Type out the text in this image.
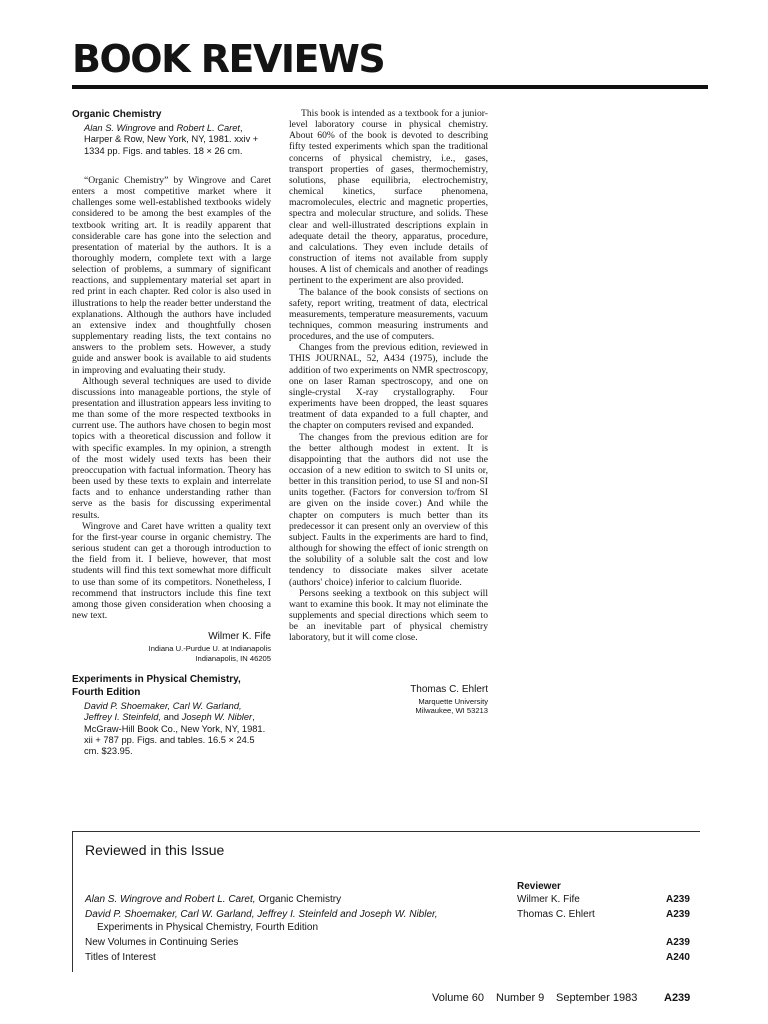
BOOK REVIEWS

Organic Chemistry

Alan S. Wingrove and Robert L. Caret, Harper & Row, New York, NY, 1981. xxiv + 1334 pp. Figs. and tables. 18 × 26 cm.

“Organic Chemistry” by Wingrove and Caret enters a most competitive market where it challenges some well-established textbooks widely considered to be among the best examples of the textbook writing art. It is readily apparent that considerable care has gone into the selection and presentation of material by the authors. It is a thoroughly modern, complete text with a large selection of problems, a summary of significant reactions, and supplementary material set apart in red print in each chapter. Red color is also used in illustrations to help the reader better understand the explanations. Although the authors have included an extensive index and thoughtfully chosen supplementary reading lists, the text contains no answers to the problem sets. However, a study guide and answer book is available to aid students in improving and evaluating their study.

Although several techniques are used to divide discussions into manageable portions, the style of presentation and illustration appears less inviting to me than some of the more respected textbooks in current use. The authors have chosen to begin most topics with a theoretical discussion and follow it with specific examples. In my opinion, a strength of the most widely used texts has been their preoccupation with factual information. Theory has been used by these texts to explain and interrelate facts and to enhance understanding rather than serve as the basis for discussing experimental results.

Wingrove and Caret have written a quality text for the first-year course in organic chemistry. The serious student can get a thorough introduction to the field from it. I believe, however, that most students will find this text somewhat more difficult to use than some of its competitors. Nonetheless, I recommend that instructors include this fine text among those given consideration when choosing a new text.

Wilmer K. Fife

Indiana U.-Purdue U. at Indianapolis

Indianapolis, IN 46205

Experiments in Physical Chemistry, Fourth Edition

David P. Shoemaker, Carl W. Garland, Jeffrey I. Steinfeld, and Joseph W. Nibler, McGraw-Hill Book Co., New York, NY, 1981. xii + 787 pp. Figs. and tables. 16.5 × 24.5 cm. $23.95.

This book is intended as a textbook for a junior-level laboratory course in physical chemistry. About 60% of the book is devoted to describing fifty tested experiments which span the traditional concerns of physical chemistry, i.e., gases, transport properties of gases, thermochemistry, solutions, phase equilibria, electrochemistry, chemical kinetics, surface phenomena, macromolecules, electric and magnetic properties, spectra and molecular structure, and solids. These clear and well-illustrated descriptions explain in adequate detail the theory, apparatus, procedure, and calculations. They even include details of construction of items not available from supply houses. A list of chemicals and another of readings pertinent to the experiment are also provided.

The balance of the book consists of sections on safety, report writing, treatment of data, electrical measurements, temperature measurements, vacuum techniques, common measuring instruments and procedures, and the use of computers.

Changes from the previous edition, reviewed in THIS JOURNAL, 52, A434 (1975), include the addition of two experiments on NMR spectroscopy, one on laser Raman spectroscopy, and one on single-crystal X-ray crystallography. Four experiments have been dropped, the least squares treatment of data expanded to a full chapter, and the chapter on computers revised and expanded.

The changes from the previous edition are for the better although modest in extent. It is disappointing that the authors did not use the occasion of a new edition to switch to SI units or, better in this transition period, to use SI and non-SI units together. (Factors for conversion to/from SI are given on the inside cover.) And while the chapter on computers is much better than its predecessor it can present only an overview of this subject. Faults in the experiments are hard to find, although for showing the effect of ionic strength on the solubility of a soluble salt the cost and low tendency to dissociate makes silver acetate (authors' choice) inferior to calcium fluoride.

Persons seeking a textbook on this subject will want to examine this book. It may not eliminate the supplements and special directions which seem to be an inevitable part of physical chemistry laboratory, but it will come close.

Thomas C. Ehlert

Marquette University

Milwaukee, WI 53213

Reviewed in this Issue
Reviewer
Alan S. Wingrove and Robert L. Caret, Organic Chemistry	Wilmer K. Fife	A239
David P. Shoemaker, Carl W. Garland, Jeffrey I. Steinfeld and Joseph W. Nibler,
Experiments in Physical Chemistry, Fourth Edition
Thomas C. Ehlert	A239
New Volumes in Continuing Series	A239
Titles of Interest	A240
Volume 60 Number 9 September 1983 A239
